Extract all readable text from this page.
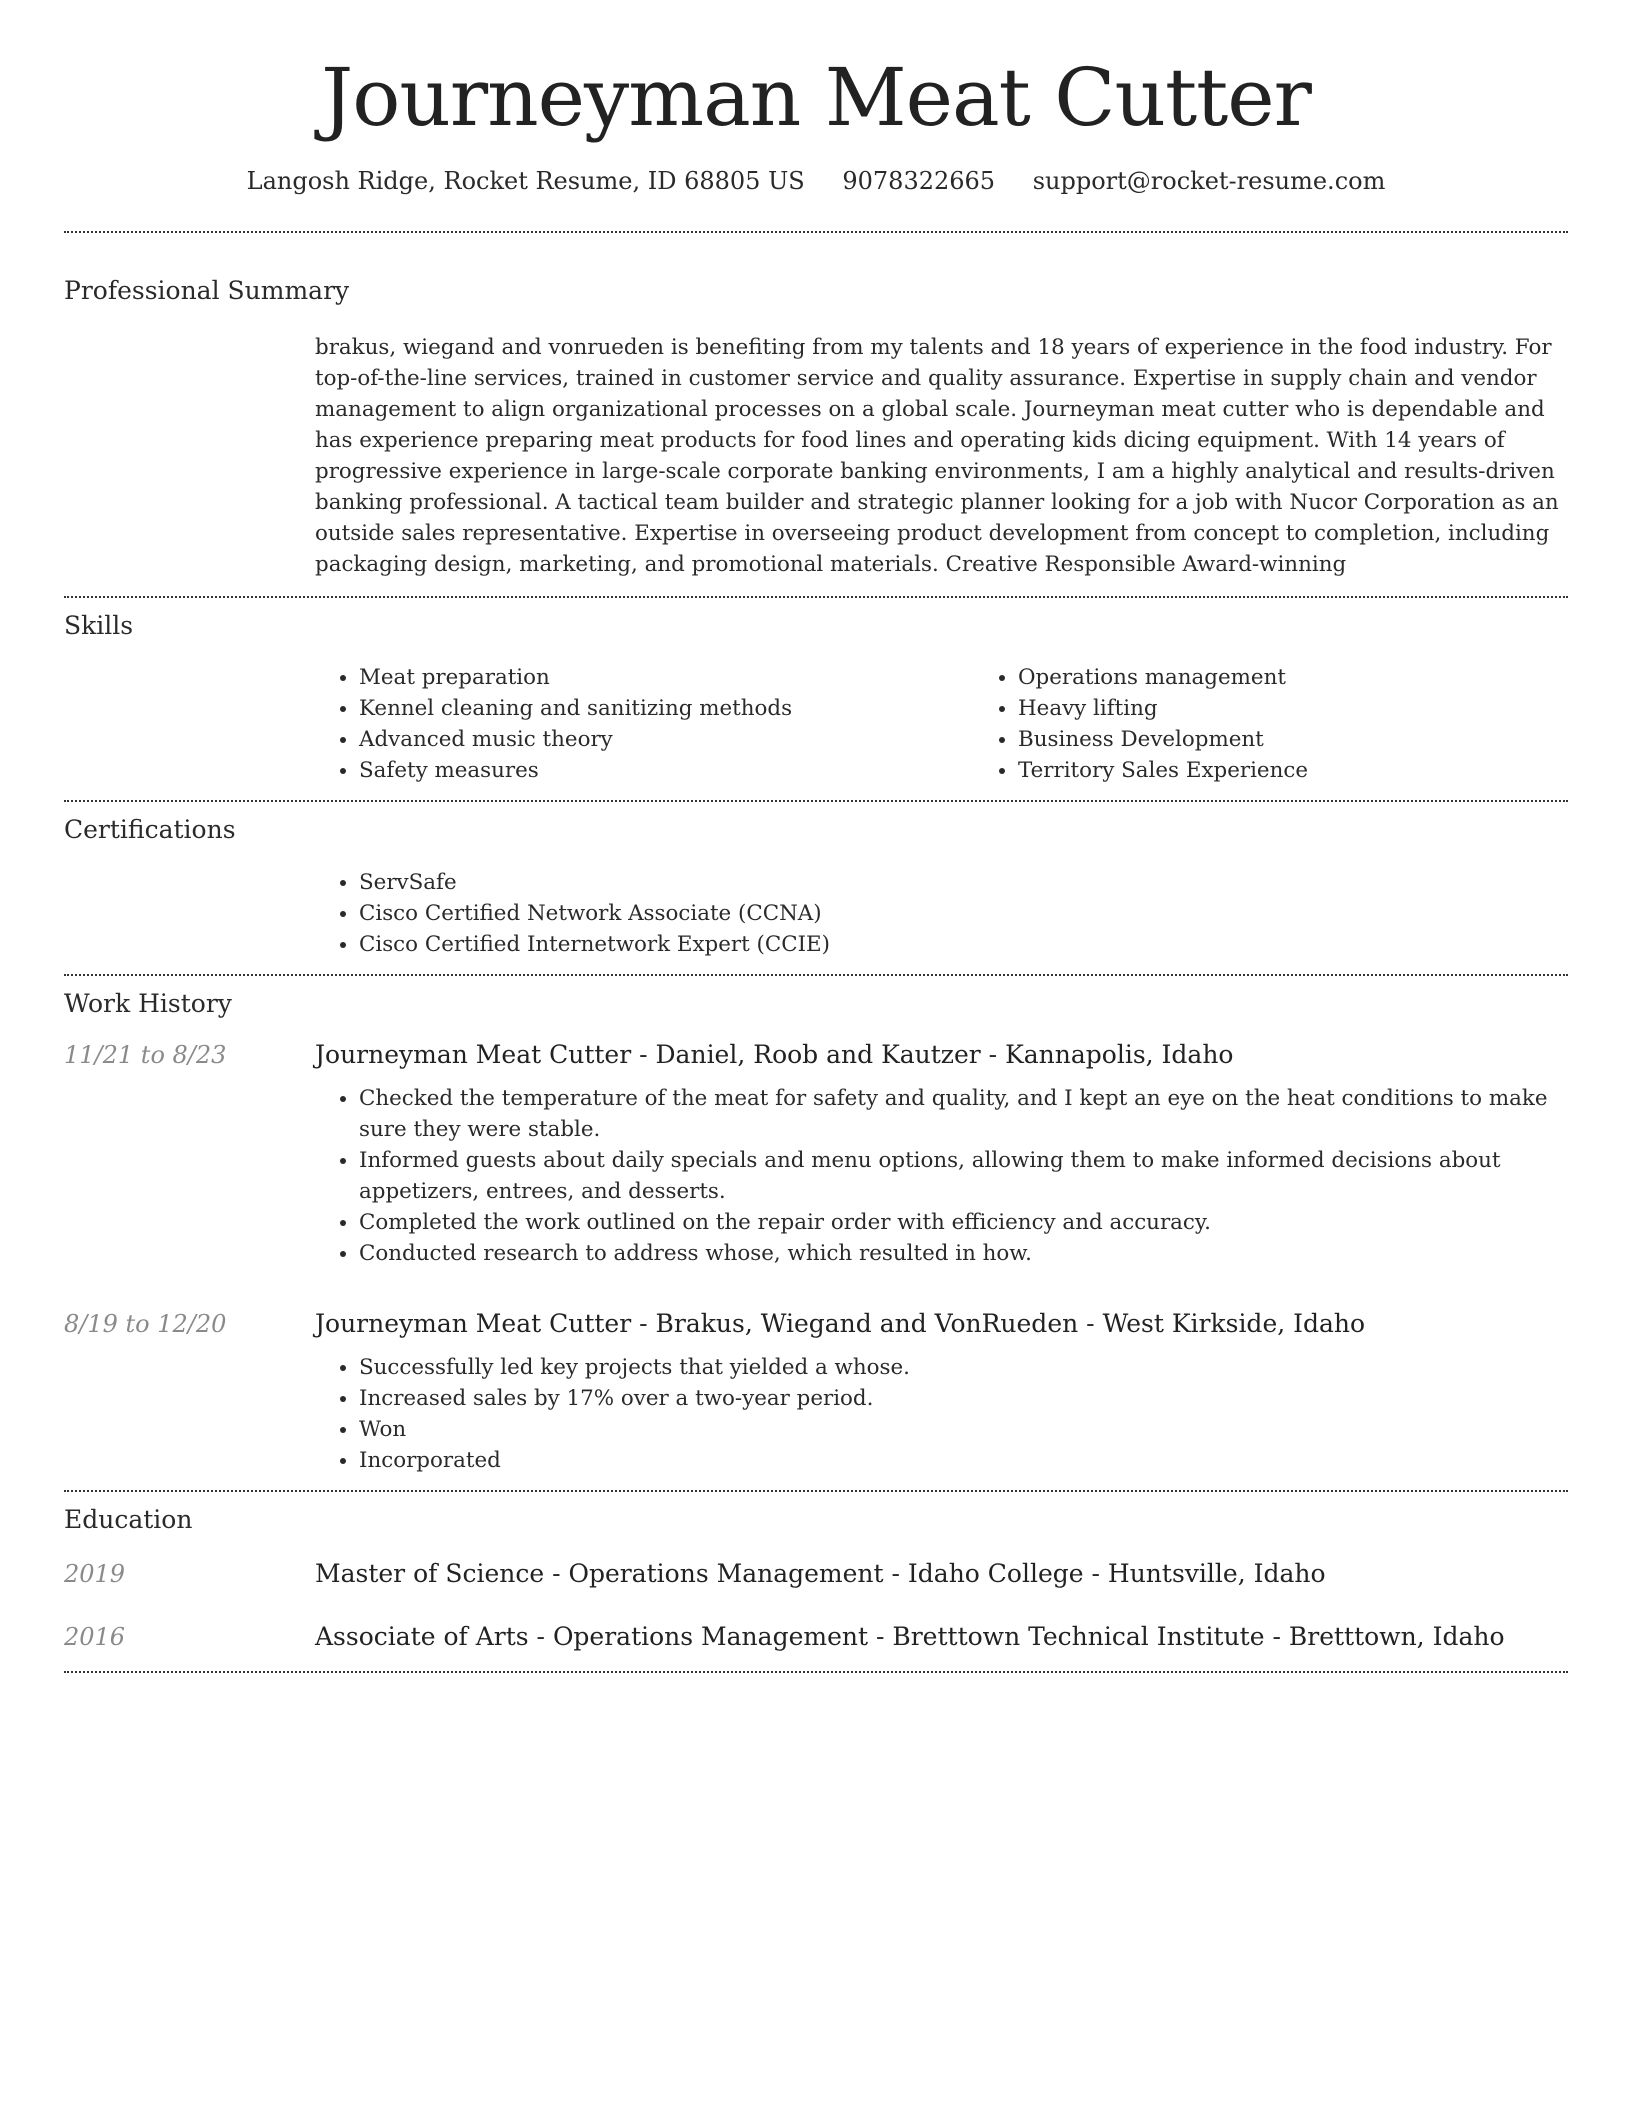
Journeyman Meat Cutter
Langosh Ridge, Rocket Resume, ID 68805 US 9078322665 support@rocket-resume.com
Professional Summary

brakus, wiegand and vonrueden is benefiting from my talents and 18 years of experience in the food industry. For top-of-the-line services, trained in customer service and quality assurance. Expertise in supply chain and vendor management to align organizational processes on a global scale. Journeyman meat cutter who is dependable and has experience preparing meat products for food lines and operating kids dicing equipment. With 14 years of progressive experience in large-scale corporate banking environments, I am a highly analytical and results-driven banking professional. A tactical team builder and strategic planner looking for a job with Nucor Corporation as an outside sales representative. Expertise in overseeing product development from concept to completion, including packaging design, marketing, and promotional materials. Creative Responsible Award-winning

Skills
• Meat preparation
• Kennel cleaning and sanitizing methods
• Advanced music theory
• Safety measures
• Operations management
• Heavy lifting
• Business Development
• Territory Sales Experience
Certifications
• ServSafe
• Cisco Certified Network Associate (CCNA)
• Cisco Certified Internetwork Expert (CCIE)
Work History
11/21 to 8/23	Journeyman Meat Cutter - Daniel, Roob and Kautzer - Kannapolis, Idaho
• Checked the temperature of the meat for safety and quality, and I kept an eye on the heat conditions to make sure they were stable.
• Informed guests about daily specials and menu options, allowing them to make informed decisions about appetizers, entrees, and desserts.
• Completed the work outlined on the repair order with efficiency and accuracy.
• Conducted research to address whose, which resulted in how.
8/19 to 12/20	Journeyman Meat Cutter - Brakus, Wiegand and VonRueden - West Kirkside, Idaho
• Successfully led key projects that yielded a whose.
• Increased sales by 17% over a two-year period.
• Won
• Incorporated
Education
2019	Master of Science - Operations Management - Idaho College - Huntsville, Idaho
2016	Associate of Arts - Operations Management - Bretttown Technical Institute - Bretttown, Idaho
